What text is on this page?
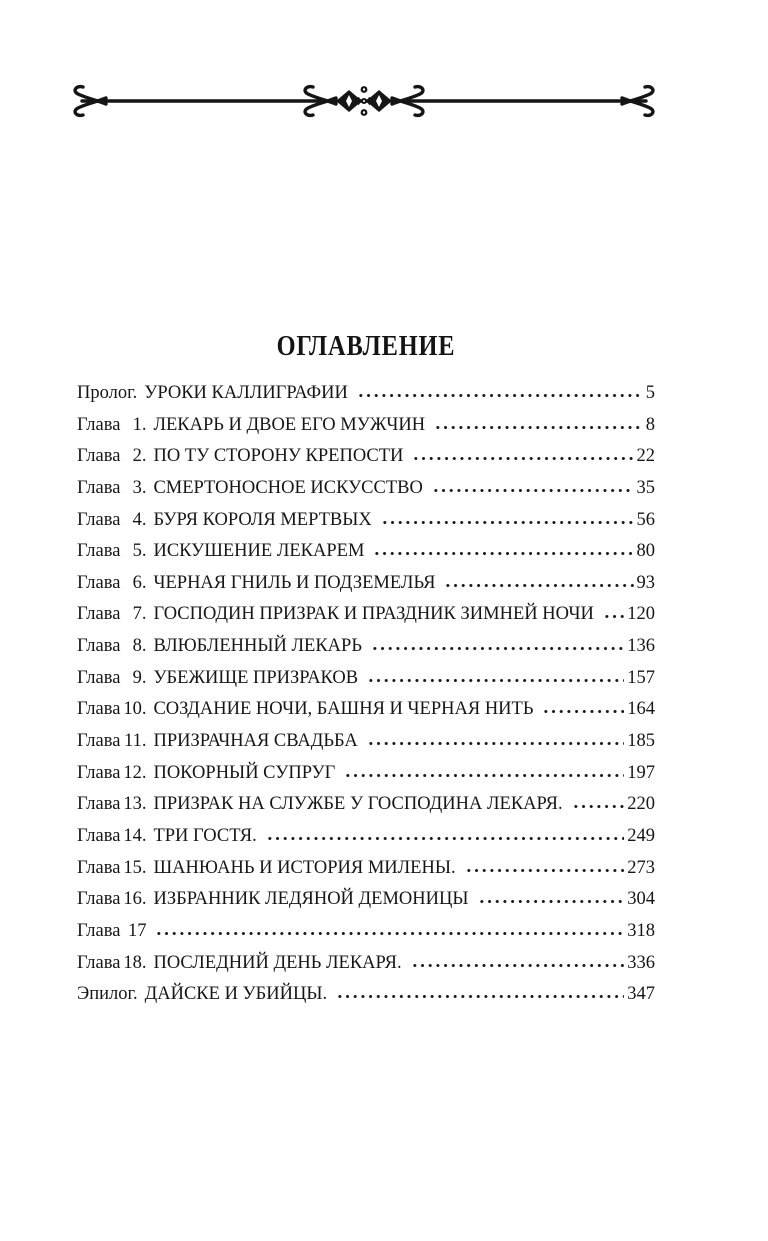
ОГЛАВЛЕНИЕ
Пролог. УРОКИ КАЛЛИГРАФИИ	5
Глава 1. ЛЕКАРЬ И ДВОЕ ЕГО МУЖЧИН	8
Глава 2. ПО ТУ СТОРОНУ КРЕПОСТИ	22
Глава 3. СМЕРТОНОСНОЕ ИСКУССТВО	35
Глава 4. БУРЯ КОРОЛЯ МЕРТВЫХ	56
Глава 5. ИСКУШЕНИЕ ЛЕКАРЕМ	80
Глава 6. ЧЕРНАЯ ГНИЛЬ И ПОДЗЕМЕЛЬЯ	93
Глава 7. ГОСПОДИН ПРИЗРАК И ПРАЗДНИК ЗИМНЕЙ НОЧИ 120
Глава 8. ВЛЮБЛЕННЫЙ ЛЕКАРЬ	136
Глава 9. УБЕЖИЩЕ ПРИЗРАКОВ	157
Глава 10. СОЗДАНИЕ НОЧИ, БАШНЯ И ЧЕРНАЯ НИТЬ	164
Глава 11. ПРИЗРАЧНАЯ СВАДЬБА	185
Глава 12. ПОКОРНЫЙ СУПРУГ	197
Глава 13. ПРИЗРАК НА СЛУЖБЕ У ГОСПОДИНА ЛЕКАРЯ.	220
Глава 14. ТРИ ГОСТЯ.	249
Глава 15. ШАНЮАНЬ И ИСТОРИЯ МИЛЕНЫ.	273
Глава 16. ИЗБРАННИК ЛЕДЯНОЙ ДЕМОНИЦЫ	304
Глава 17	318
Глава 18. ПОСЛЕДНИЙ ДЕНЬ ЛЕКАРЯ.	336
Эпилог. ДАЙСКЕ И УБИЙЦЫ.	347
